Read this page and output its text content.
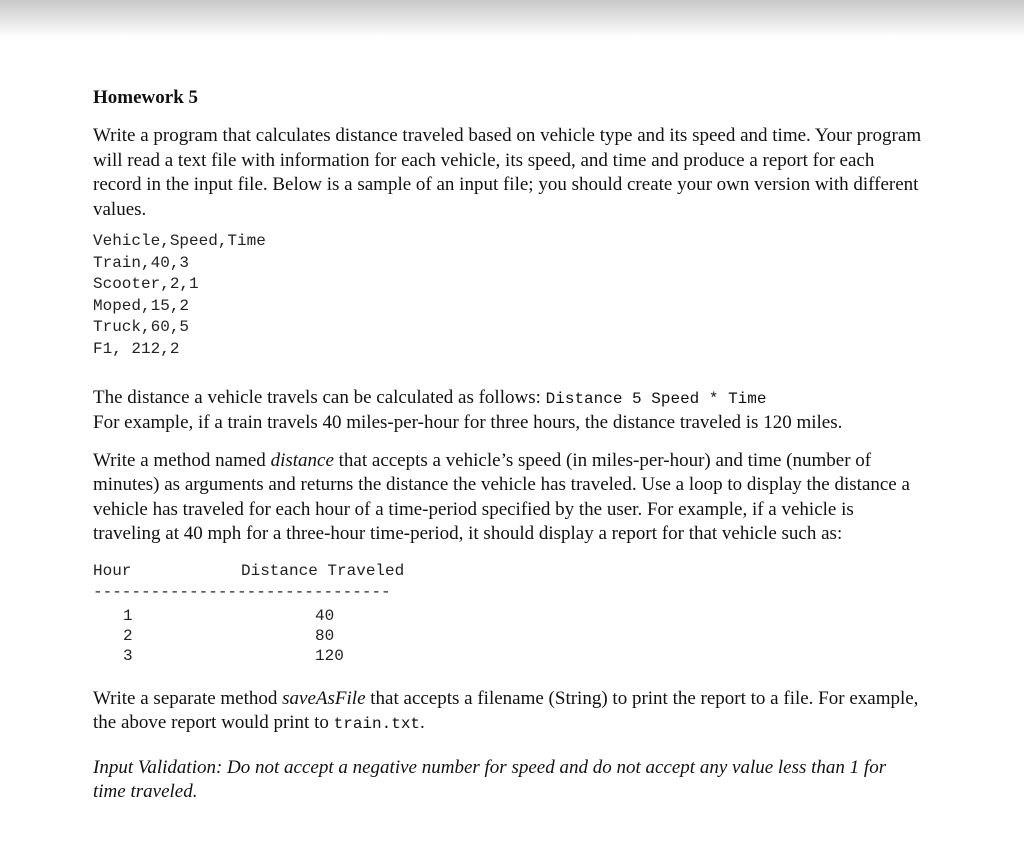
Homework 5

Write a program that calculates distance traveled based on vehicle type and its speed and time. Your program will read a text file with information for each vehicle, its speed, and time and produce a report for each record in the input file. Below is a sample of an input file; you should create your own version with different values.

Vehicle,Speed,Time
Train,40,3
Scooter,2,1
Moped,15,2
Truck,60,5
F1, 212,2

The distance a vehicle travels can be calculated as follows: Distance 5 Speed * Time
For example, if a train travels 40 miles-per-hour for three hours, the distance traveled is 120 miles.

Write a method named distance that accepts a vehicle’s speed (in miles-per-hour) and time (number of minutes) as arguments and returns the distance the vehicle has traveled. Use a loop to display the distance a vehicle has traveled for each hour of a time-period specified by the user. For example, if a vehicle is traveling at 40 mph for a three-hour time-period, it should display a report for that vehicle such as:

Hour	Distance Traveled
-------------------------------
1	40
2	80
3	120

Write a separate method saveAsFile that accepts a filename (String) to print the report to a file. For example, the above report would print to train.txt.

Input Validation: Do not accept a negative number for speed and do not accept any value less than 1 for time traveled.
